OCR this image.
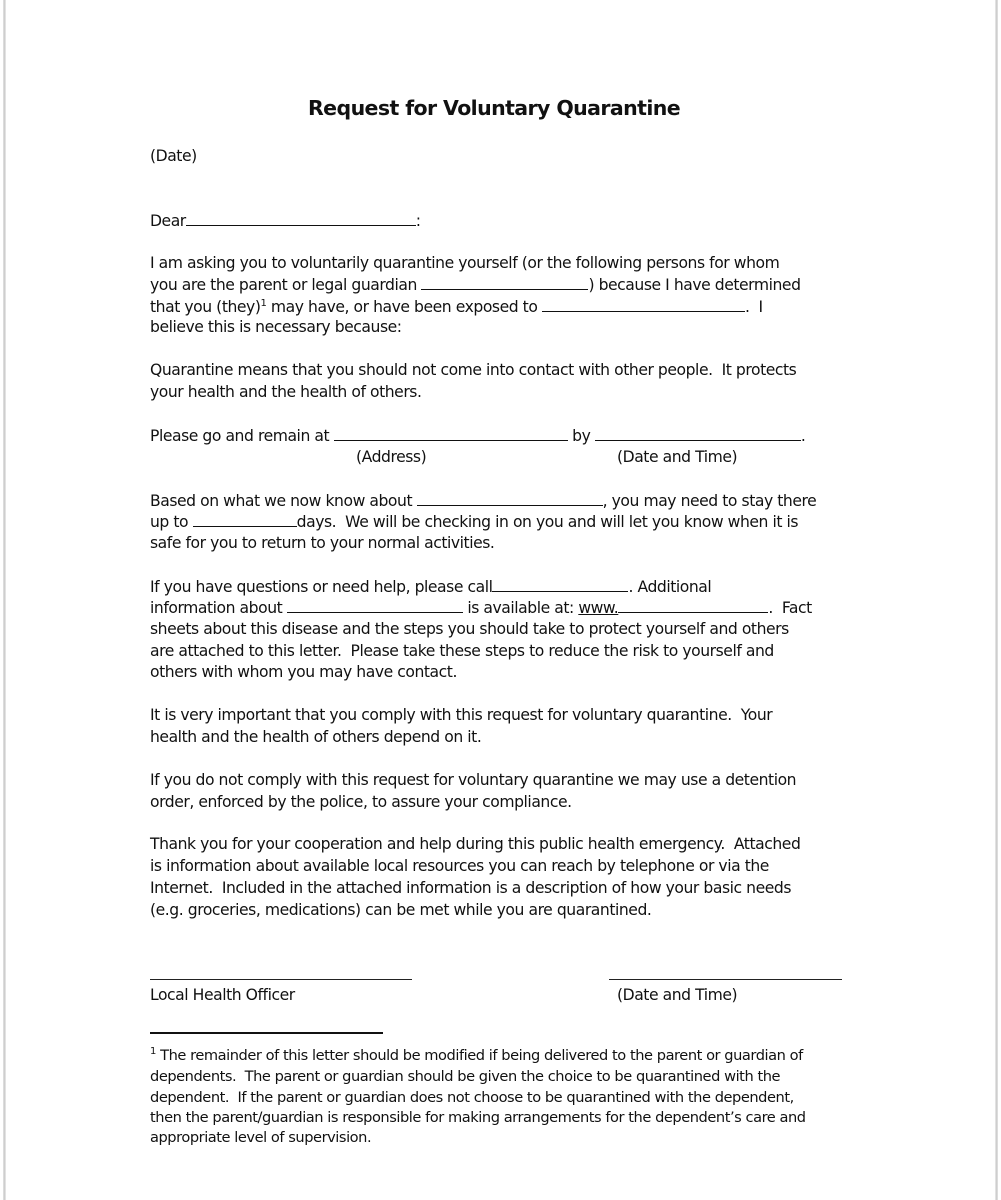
Request for Voluntary Quarantine
(Date)
Dear	:
I am asking you to voluntarily quarantine yourself (or the following persons for whom
you are the parent or legal guardian	) because I have determined
that you (they)$^1$ may have, or have been exposed to	.  I
believe this is necessary because:
Quarantine means that you should not come into contact with other people.  It protects
your health and the health of others.
Please go and remain at	by	.
(Address)	(Date and Time)
Based on what we now know about	, you may need to stay there
up to	days.  We will be checking in on you and will let you know when it is
safe for you to return to your normal activities.
If you have questions or need help, please call	. Additional
information about	is available at: www.	.  Fact
sheets about this disease and the steps you should take to protect yourself and others
are attached to this letter.  Please take these steps to reduce the risk to yourself and
others with whom you may have contact.
It is very important that you comply with this request for voluntary quarantine.  Your
health and the health of others depend on it.
If you do not comply with this request for voluntary quarantine we may use a detention
order, enforced by the police, to assure your compliance.
Thank you for your cooperation and help during this public health emergency.  Attached
is information about available local resources you can reach by telephone or via the
Internet.  Included in the attached information is a description of how your basic needs
(e.g. groceries, medications) can be met while you are quarantined.
Local Health Officer	(Date and Time)
$^1$ The remainder of this letter should be modified if being delivered to the parent or guardian of
dependents.  The parent or guardian should be given the choice to be quarantined with the
dependent.  If the parent or guardian does not choose to be quarantined with the dependent,
then the parent/guardian is responsible for making arrangements for the dependent’s care and
appropriate level of supervision.
